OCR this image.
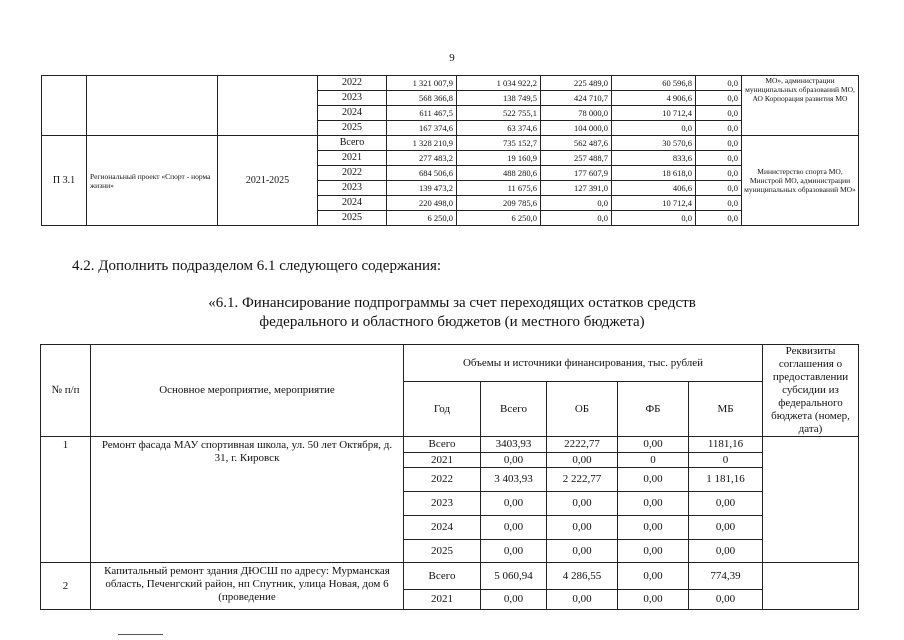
9
			2022	1 321 007,9	1 034 922,2	225 489,0	60 596,8	0,0	МО», администрации муниципальных образований МО, АО Корпорация развития МО
			2023	568 366,8	138 749,5	424 710,7	4 906,6	0,0	
			2024	611 467,5	522 755,1	78 000,0	10 712,4	0,0	
			2025	167 374,6	63 374,6	104 000,0	0,0	0,0	
П 3.1	Региональный проект «Спорт - норма жизни»	2021-2025	Всего	1 328 210,9	735 152,7	562 487,6	30 570,6	0,0	Министерство спорта МО, Минстрой МО, администрации муниципальных образований МО»
			2021	277 483,2	19 160,9	257 488,7	833,6	0,0	
			2022	684 506,6	488 280,6	177 607,9	18 618,0	0,0	
			2023	139 473,2	11 675,6	127 391,0	406,6	0,0	
			2024	220 498,0	209 785,6	0,0	10 712,4	0,0	
			2025	6 250,0	6 250,0	0,0	0,0	0,0	
4.2. Дополнить подразделом 6.1 следующего содержания:
«6.1. Финансирование подпрограммы за счет переходящих остатков средств
федерального и областного бюджетов (и местного бюджета)
№ п/п	Основное мероприятие, мероприятие	Объемы и источники финансирования, тыс. рублей					Реквизиты соглашения о предоставлении субсидии из федерального бюджета (номер, дата)
		Год	Всего	ОБ	ФБ	МБ	
1	Ремонт фасада МАУ спортивная школа, ул. 50 лет Октября, д. 31, г. Кировск	Всего	3403,93	2222,77	0,00	1181,16	
		2021	0,00	0,00	0	0	
		2022	3 403,93	2 222,77	0,00	1 181,16	
		2023	0,00	0,00	0,00	0,00	
		2024	0,00	0,00	0,00	0,00	
		2025	0,00	0,00	0,00	0,00	
2	Капитальный ремонт здания ДЮСШ по адресу: Мурманская область, Печенгский район, нп Спутник, улица Новая, дом 6 (проведение	Всего	5 060,94	4 286,55	0,00	774,39	
		2021	0,00	0,00	0,00	0,00	
